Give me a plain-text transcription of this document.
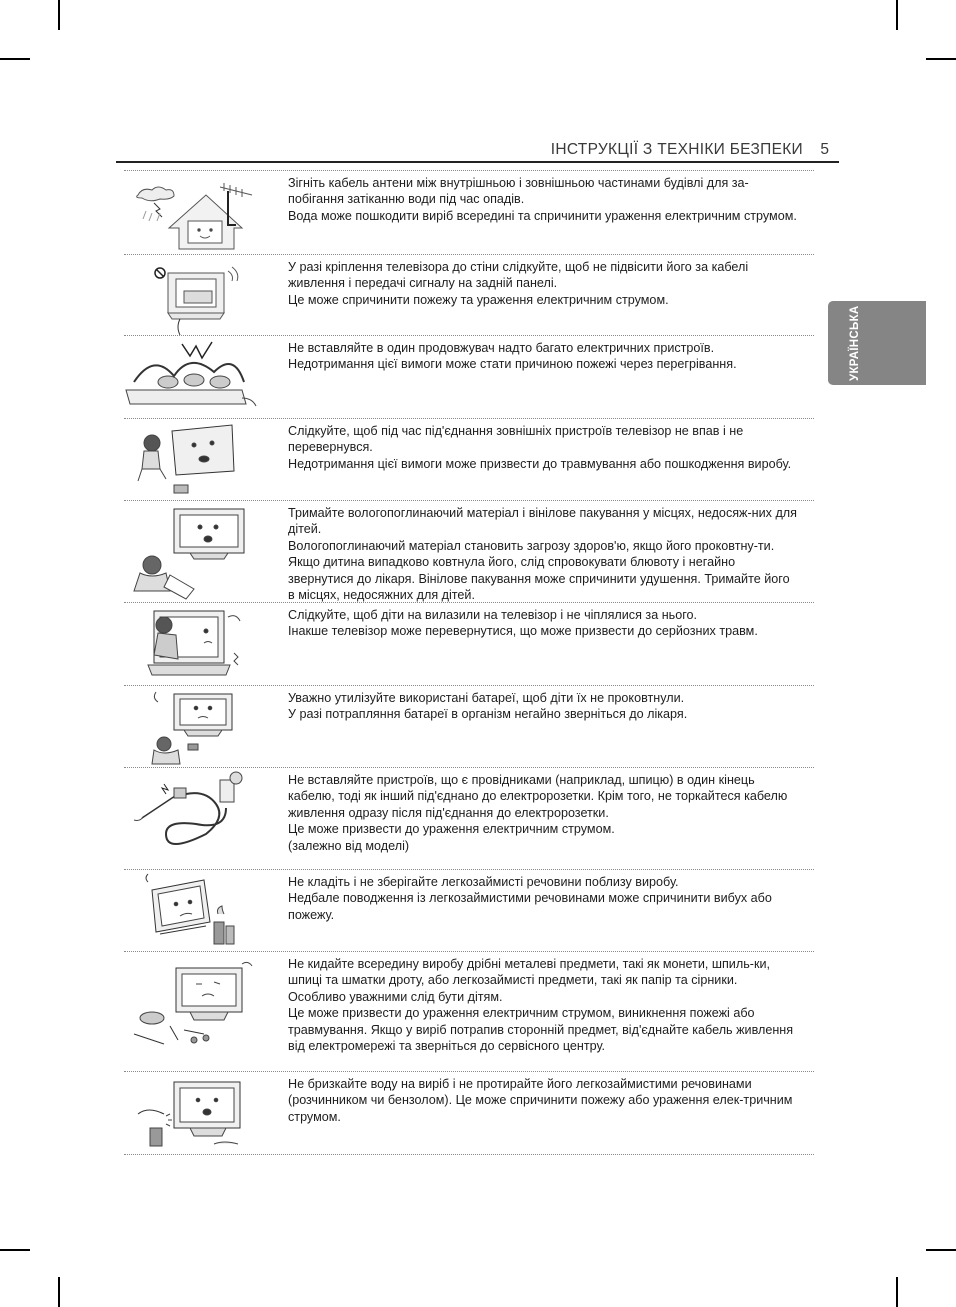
ІНСТРУКЦІЇ З ТЕХНІКИ БЕЗПЕКИ 5
УКРАЇНСЬКА

Зігніть кабель антени між внутрішньою і зовнішньою частинами будівлі для за-побігання затіканню води під час опадів.

Вода може пошкодити виріб всередині та спричинити ураження електричним струмом.

У разі кріплення телевізора до стіни слідкуйте, щоб не підвісити його за кабелі живлення і передачі сигналу на задній панелі.

Це може спричинити пожежу та ураження електричним струмом.

Не вставляйте в один продовжувач надто багато електричних пристроїв.

Недотримання цієї вимоги може стати причиною пожежі через перегрівання.

Слідкуйте, щоб під час під'єднання зовнішніх пристроїв телевізор не впав і не перевернувся.

Недотримання цієї вимоги може призвести до травмування або пошкодження виробу.

Тримайте вологопоглинаючий матеріал і вінілове пакування у місцях, недосяж-них для дітей.

Вологопоглинаючий матеріал становить загрозу здоров'ю, якщо його проковтну-ти. Якщо дитина випадково ковтнула його, слід спровокувати блювоту і негайно звернутися до лікаря. Вінілове пакування може спричинити удушення. Тримайте його в місцях, недосяжних для дітей.

Слідкуйте, щоб діти на вилазили на телевізор і не чіплялися за нього.

Інакше телевізор може перевернутися, що може призвести до серйозних травм.

Уважно утилізуйте використані батареї, щоб діти їх не проковтнули.

У разі потрапляння батареї в організм негайно зверніться до лікаря.

Не вставляйте пристроїв, що є провідниками (наприклад, шпицю) в один кінець кабелю, тоді як інший під'єднано до електророзетки. Крім того, не торкайтеся кабелю живлення одразу після під'єднання до електророзетки.

Це може призвести до ураження електричним струмом.

(залежно від моделі)

Не кладіть і не зберігайте легкозаймисті речовини поблизу виробу.

Недбале поводження із легкозаймистими речовинами може спричинити вибух або пожежу.

Не кидайте всередину виробу дрібні металеві предмети, такі як монети, шпиль-ки, шпиці та шматки дроту, або легкозаймисті предмети, такі як папір та сірники.

Особливо уважними слід бути дітям.

Це може призвести до ураження електричним струмом, виникнення пожежі або травмування. Якщо у виріб потрапив сторонній предмет, від'єднайте кабель живлення від електромережі та зверніться до сервісного центру.

Не бризкайте воду на виріб і не протирайте його легкозаймистими речовинами (розчинником чи бензолом). Це може спричинити пожежу або ураження елек-тричним струмом.
